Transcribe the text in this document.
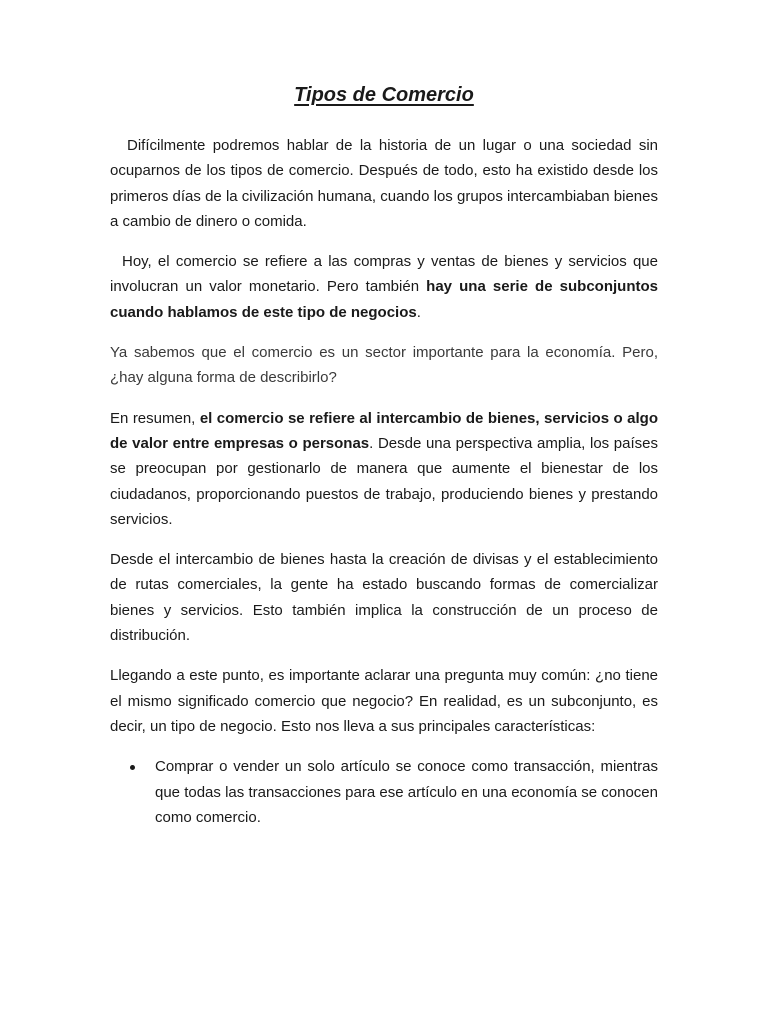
Tipos de Comercio

Difícilmente podremos hablar de la historia de un lugar o una sociedad sin ocuparnos de los tipos de comercio. Después de todo, esto ha existido desde los primeros días de la civilización humana, cuando los grupos intercambiaban bienes a cambio de dinero o comida.

Hoy, el comercio se refiere a las compras y ventas de bienes y servicios que involucran un valor monetario. Pero también hay una serie de subconjuntos cuando hablamos de este tipo de negocios.

Ya sabemos que el comercio es un sector importante para la economía. Pero, ¿hay alguna forma de describirlo?

En resumen, el comercio se refiere al intercambio de bienes, servicios o algo de valor entre empresas o personas. Desde una perspectiva amplia, los países se preocupan por gestionarlo de manera que aumente el bienestar de los ciudadanos, proporcionando puestos de trabajo, produciendo bienes y prestando servicios.

Desde el intercambio de bienes hasta la creación de divisas y el establecimiento de rutas comerciales, la gente ha estado buscando formas de comercializar bienes y servicios. Esto también implica la construcción de un proceso de distribución.

Llegando a este punto, es importante aclarar una pregunta muy común: ¿no tiene el mismo significado comercio que negocio? En realidad, es un subconjunto, es decir, un tipo de negocio. Esto nos lleva a sus principales características:

Comprar o vender un solo artículo se conoce como transacción, mientras que todas las transacciones para ese artículo en una economía se conocen como comercio.
